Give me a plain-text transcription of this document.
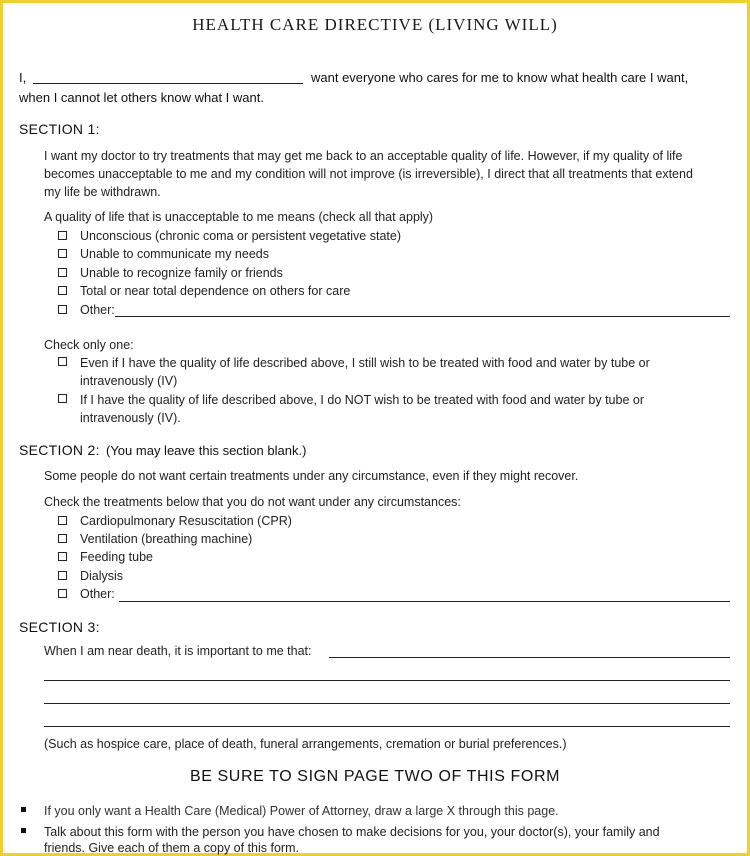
HEALTH CARE DIRECTIVE (LIVING WILL)
I,	want everyone who cares for me to know what health care I want,
when I cannot let others know what I want.
SECTION 1:
I want my doctor to try treatments that may get me back to an acceptable quality of life. However, if my quality of life
becomes unacceptable to me and my condition will not improve (is irreversible), I direct that all treatments that extend
my life be withdrawn.
A quality of life that is unacceptable to me means (check all that apply)
Unconscious (chronic coma or persistent vegetative state)
Unable to communicate my needs
Unable to recognize family or friends
Total or near total dependence on others for care
Other:
Check only one:
Even if I have the quality of life described above, I still wish to be treated with food and water by tube or
intravenously (IV)
If I have the quality of life described above, I do NOT wish to be treated with food and water by tube or
intravenously (IV).
SECTION 2: (You may leave this section blank.)
Some people do not want certain treatments under any circumstance, even if they might recover.
Check the treatments below that you do not want under any circumstances:
Cardiopulmonary Resuscitation (CPR)
Ventilation (breathing machine)
Feeding tube
Dialysis
Other:
SECTION 3:
When I am near death, it is important to me that:
(Such as hospice care, place of death, funeral arrangements, cremation or burial preferences.)
BE SURE TO SIGN PAGE TWO OF THIS FORM
If you only want a Health Care (Medical) Power of Attorney, draw a large X through this page.
Talk about this form with the person you have chosen to make decisions for you, your doctor(s), your family and
friends. Give each of them a copy of this form.
